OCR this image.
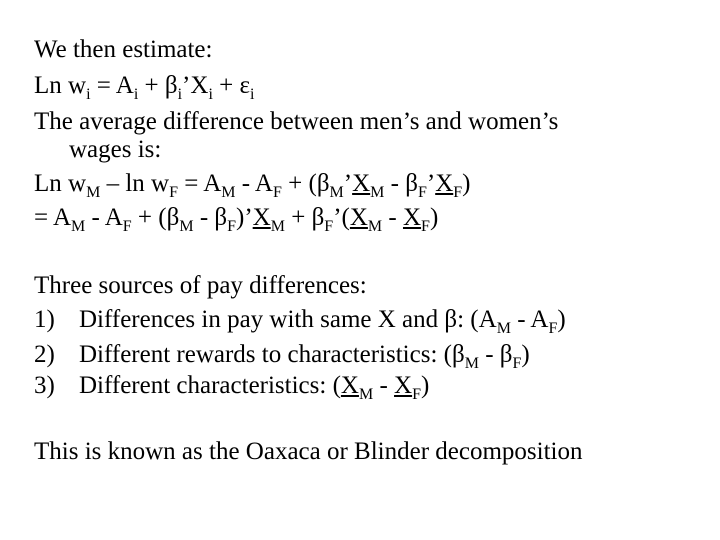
We then estimate:
Ln $w_i = A_i$ + $\beta_i’X_i + \varepsilon_i$
The average difference between men’s and women’s
wages is:
Ln $w_M - \ln w_F = A_M - A_F$ + ($\beta_M’X_M$ - $\beta_F’X_F$)
= $A_M - A_F + (\beta_M$ - $\beta_F)’X_M$ + $\beta_F’(X_M - X_F)$
Three sources of pay differences:
1) Differences in pay with same X and β: $(A_M - A_F)$
2) Different rewards to characteristics: $(\beta_M - \beta_F)$
3) Different characteristics: $(X_M - X_F)$
This is known as the Oaxaca or Blinder decomposition
